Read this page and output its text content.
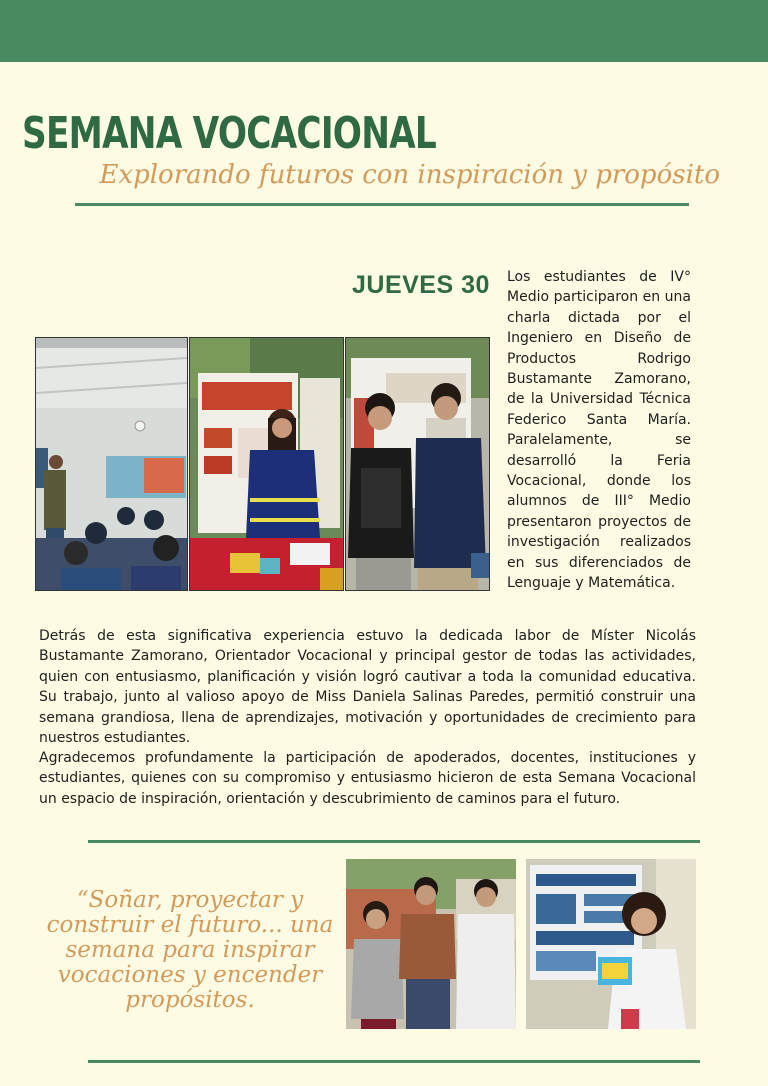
SEMANA VOCACIONAL
Explorando futuros con inspiración y propósito
JUEVES 30 Los estudiantes de IV° Medio participaron en una charla dictada por el Ingeniero en Diseño de Productos Rodrigo Bustamante Zamorano, de la Universidad Técnica Federico Santa María. Paralelamente, se desarrolló la Feria Vocacional, donde los alumnos de III° Medio presentaron proyectos de investigación realizados en sus diferenciados de Lenguaje y Matemática.

Detrás de esta significativa experiencia estuvo la dedicada labor de Míster Nicolás Bustamante Zamorano, Orientador Vocacional y principal gestor de todas las actividades, quien con entusiasmo, planificación y visión logró cautivar a toda la comunidad educativa. Su trabajo, junto al valioso apoyo de Miss Daniela Salinas Paredes, permitió construir una semana grandiosa, llena de aprendizajes, motivación y oportunidades de crecimiento para nuestros estudiantes.

Agradecemos profundamente la participación de apoderados, docentes, instituciones y estudiantes, quienes con su compromiso y entusiasmo hicieron de esta Semana Vocacional un espacio de inspiración, orientación y descubrimiento de caminos para el futuro.

“Soñar, proyectar y construir el futuro... una semana para inspirar vocaciones y encender propósitos.
